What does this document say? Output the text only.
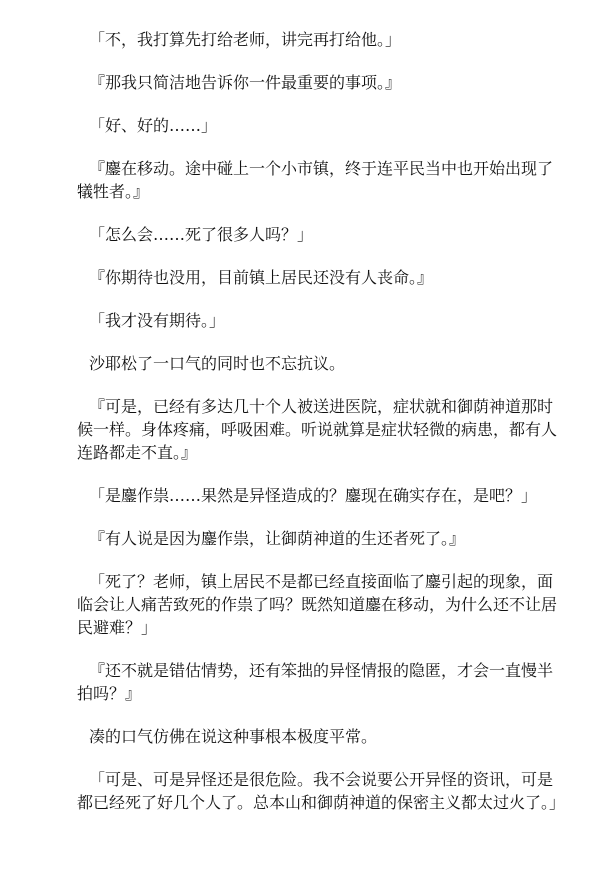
「不，我打算先打给老师，讲完再打给他。」

『那我只简洁地告诉你一件最重要的事项。』

「好、好的……」

『鏖在移动。途中碰上一个小市镇，终于连平民当中也开始出现了犠牲者。』

「怎么会……死了很多人吗？」

『你期待也没用，目前镇上居民还没有人丧命。』

「我才没有期待。」

沙耶松了一口气的同时也不忘抗议。

『可是，已经有多达几十个人被送进医院，症状就和御荫神道那时候一样。身体疼痛，呼吸困难。听说就算是症状轻微的病患，都有人连路都走不直。』

「是鏖作祟……果然是异怪造成的？鏖现在确实存在，是吧？」

『有人说是因为鏖作祟，让御荫神道的生还者死了。』

「死了？老师，镇上居民不是都已经直接面临了鏖引起的现象，面临会让人痛苦致死的作祟了吗？既然知道鏖在移动，为什么还不让居民避难？」

『还不就是错估情势，还有笨拙的异怪情报的隐匿，才会一直慢半拍吗？』

凑的口气仿佛在说这种事根本极度平常。

「可是、可是异怪还是很危险。我不会说要公开异怪的资讯，可是都已经死了好几个人了。总本山和御荫神道的保密主义都太过火了。」
